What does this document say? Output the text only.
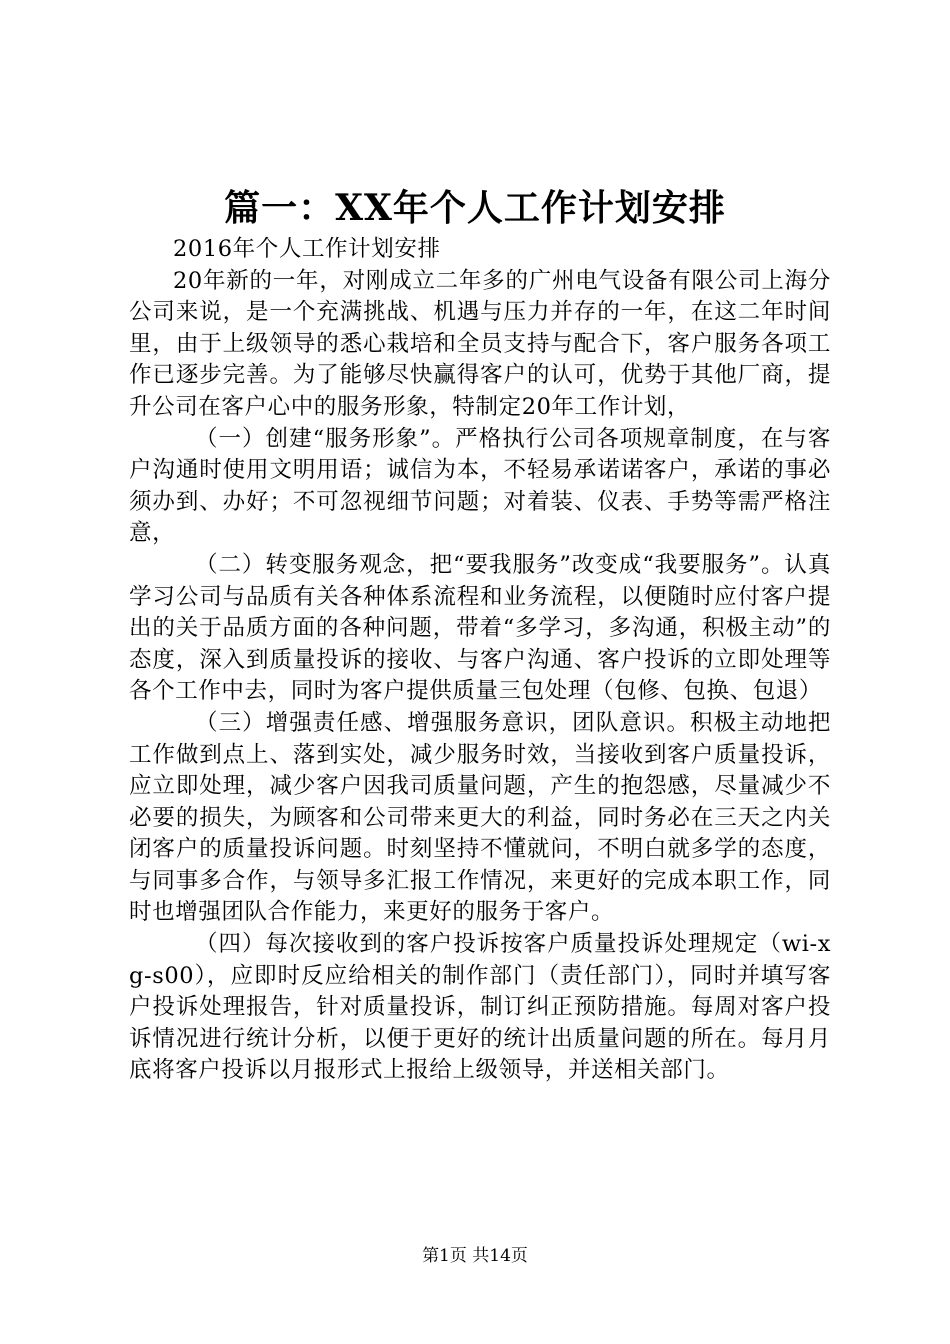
篇一：XX年个人工作计划安排

2016年个人工作计划安排

20年新的一年，对刚成立二年多的广州电气设备有限公司上海分公司来说，是一个充满挑战、机遇与压力并存的一年，在这二年时间里，由于上级领导的悉心栽培和全员支持与配合下，客户服务各项工作已逐步完善。为了能够尽快赢得客户的认可，优势于其他厂商，提升公司在客户心中的服务形象，特制定20年工作计划，

（一）创建“服务形象”。严格执行公司各项规章制度，在与客户沟通时使用文明用语；诚信为本，不轻易承诺诺客户，承诺的事必须办到、办好；不可忽视细节问题；对着装、仪表、手势等需严格注意，

（二）转变服务观念，把“要我服务”改变成“我要服务”。认真学习公司与品质有关各种体系流程和业务流程，以便随时应付客户提出的关于品质方面的各种问题，带着“多学习，多沟通，积极主动”的态度，深入到质量投诉的接收、与客户沟通、客户投诉的立即处理等各个工作中去，同时为客户提供质量三包处理（包修、包换、包退）

（三）增强责任感、增强服务意识，团队意识。积极主动地把工作做到点上、落到实处，减少服务时效，当接收到客户质量投诉，应立即处理，减少客户因我司质量问题，产生的抱怨感，尽量减少不必要的损失，为顾客和公司带来更大的利益，同时务必在三天之内关闭客户的质量投诉问题。时刻坚持不懂就问，不明白就多学的态度，与同事多合作，与领导多汇报工作情况，来更好的完成本职工作，同时也增强团队合作能力，来更好的服务于客户。

（四）每次接收到的客户投诉按客户质量投诉处理规定（wi-xg-s00），应即时反应给相关的制作部门（责任部门），同时并填写客户投诉处理报告，针对质量投诉，制订纠正预防措施。每周对客户投诉情况进行统计分析，以便于更好的统计出质量问题的所在。每月月底将客户投诉以月报形式上报给上级领导，并送相关部门。

第1页 共14页
